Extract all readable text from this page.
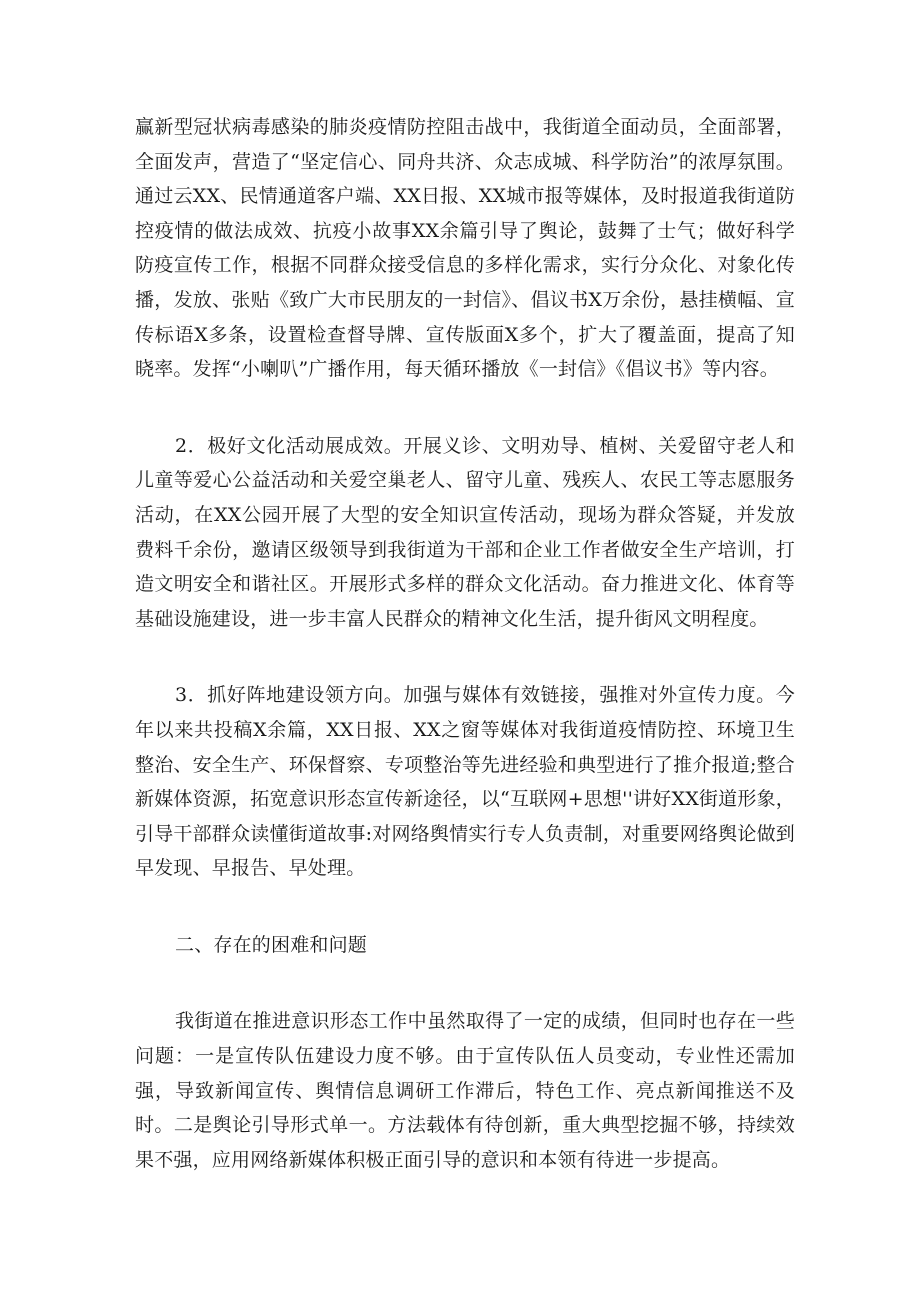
赢新型冠状病毒感染的肺炎疫情防控阻击战中，我街道全面动员，全面部署，全面发声，营造了“坚定信心、同舟共济、众志成城、科学防治”的浓厚氛围。通过云XX、民情通道客户端、XX日报、XX城市报等媒体，及时报道我街道防控疫情的做法成效、抗疫小故事XX余篇引导了舆论，鼓舞了士气；做好科学防疫宣传工作，根据不同群众接受信息的多样化需求，实行分众化、对象化传播，发放、张贴《致广大市民朋友的一封信》、倡议书X万余份，悬挂横幅、宣传标语X多条，设置检查督导牌、宣传版面X多个，扩大了覆盖面，提高了知晓率。发挥“小喇叭”广播作用，每天循环播放《一封信》《倡议书》等内容。

2．极好文化活动展成效。开展义诊、文明劝导、植树、关爱留守老人和儿童等爱心公益活动和关爱空巢老人、留守儿童、残疾人、农民工等志愿服务活动，在XX公园开展了大型的安全知识宣传活动，现场为群众答疑，并发放费料千余份，邀请区级领导到我街道为干部和企业工作者做安全生产培训，打造文明安全和谐社区。开展形式多样的群众文化活动。奋力推进文化、体育等基础设施建设，进一步丰富人民群众的精神文化生活，提升街风文明程度。

3．抓好阵地建设领方向。加强与媒体有效链接，强推对外宣传力度。今年以来共投稿X余篇，XX日报、XX之窗等媒体对我街道疫情防控、环境卫生整治、安全生产、环保督察、专项整治等先进经验和典型进行了推介报道;整合新媒体资源，拓宽意识形态宣传新途径，以“互联网+思想''讲好XX街道形象，引导干部群众读懂街道故事:对网络舆情实行专人负责制，对重要网络舆论做到早发现、早报告、早处理。

二、存在的困难和问题

我街道在推进意识形态工作中虽然取得了一定的成绩，但同时也存在一些问题：一是宣传队伍建设力度不够。由于宣传队伍人员变动，专业性还需加强，导致新闻宣传、舆情信息调研工作滞后，特色工作、亮点新闻推送不及时。二是舆论引导形式单一。方法载体有待创新，重大典型挖掘不够，持续效果不强，应用网络新媒体积极正面引导的意识和本领有待进一步提高。
